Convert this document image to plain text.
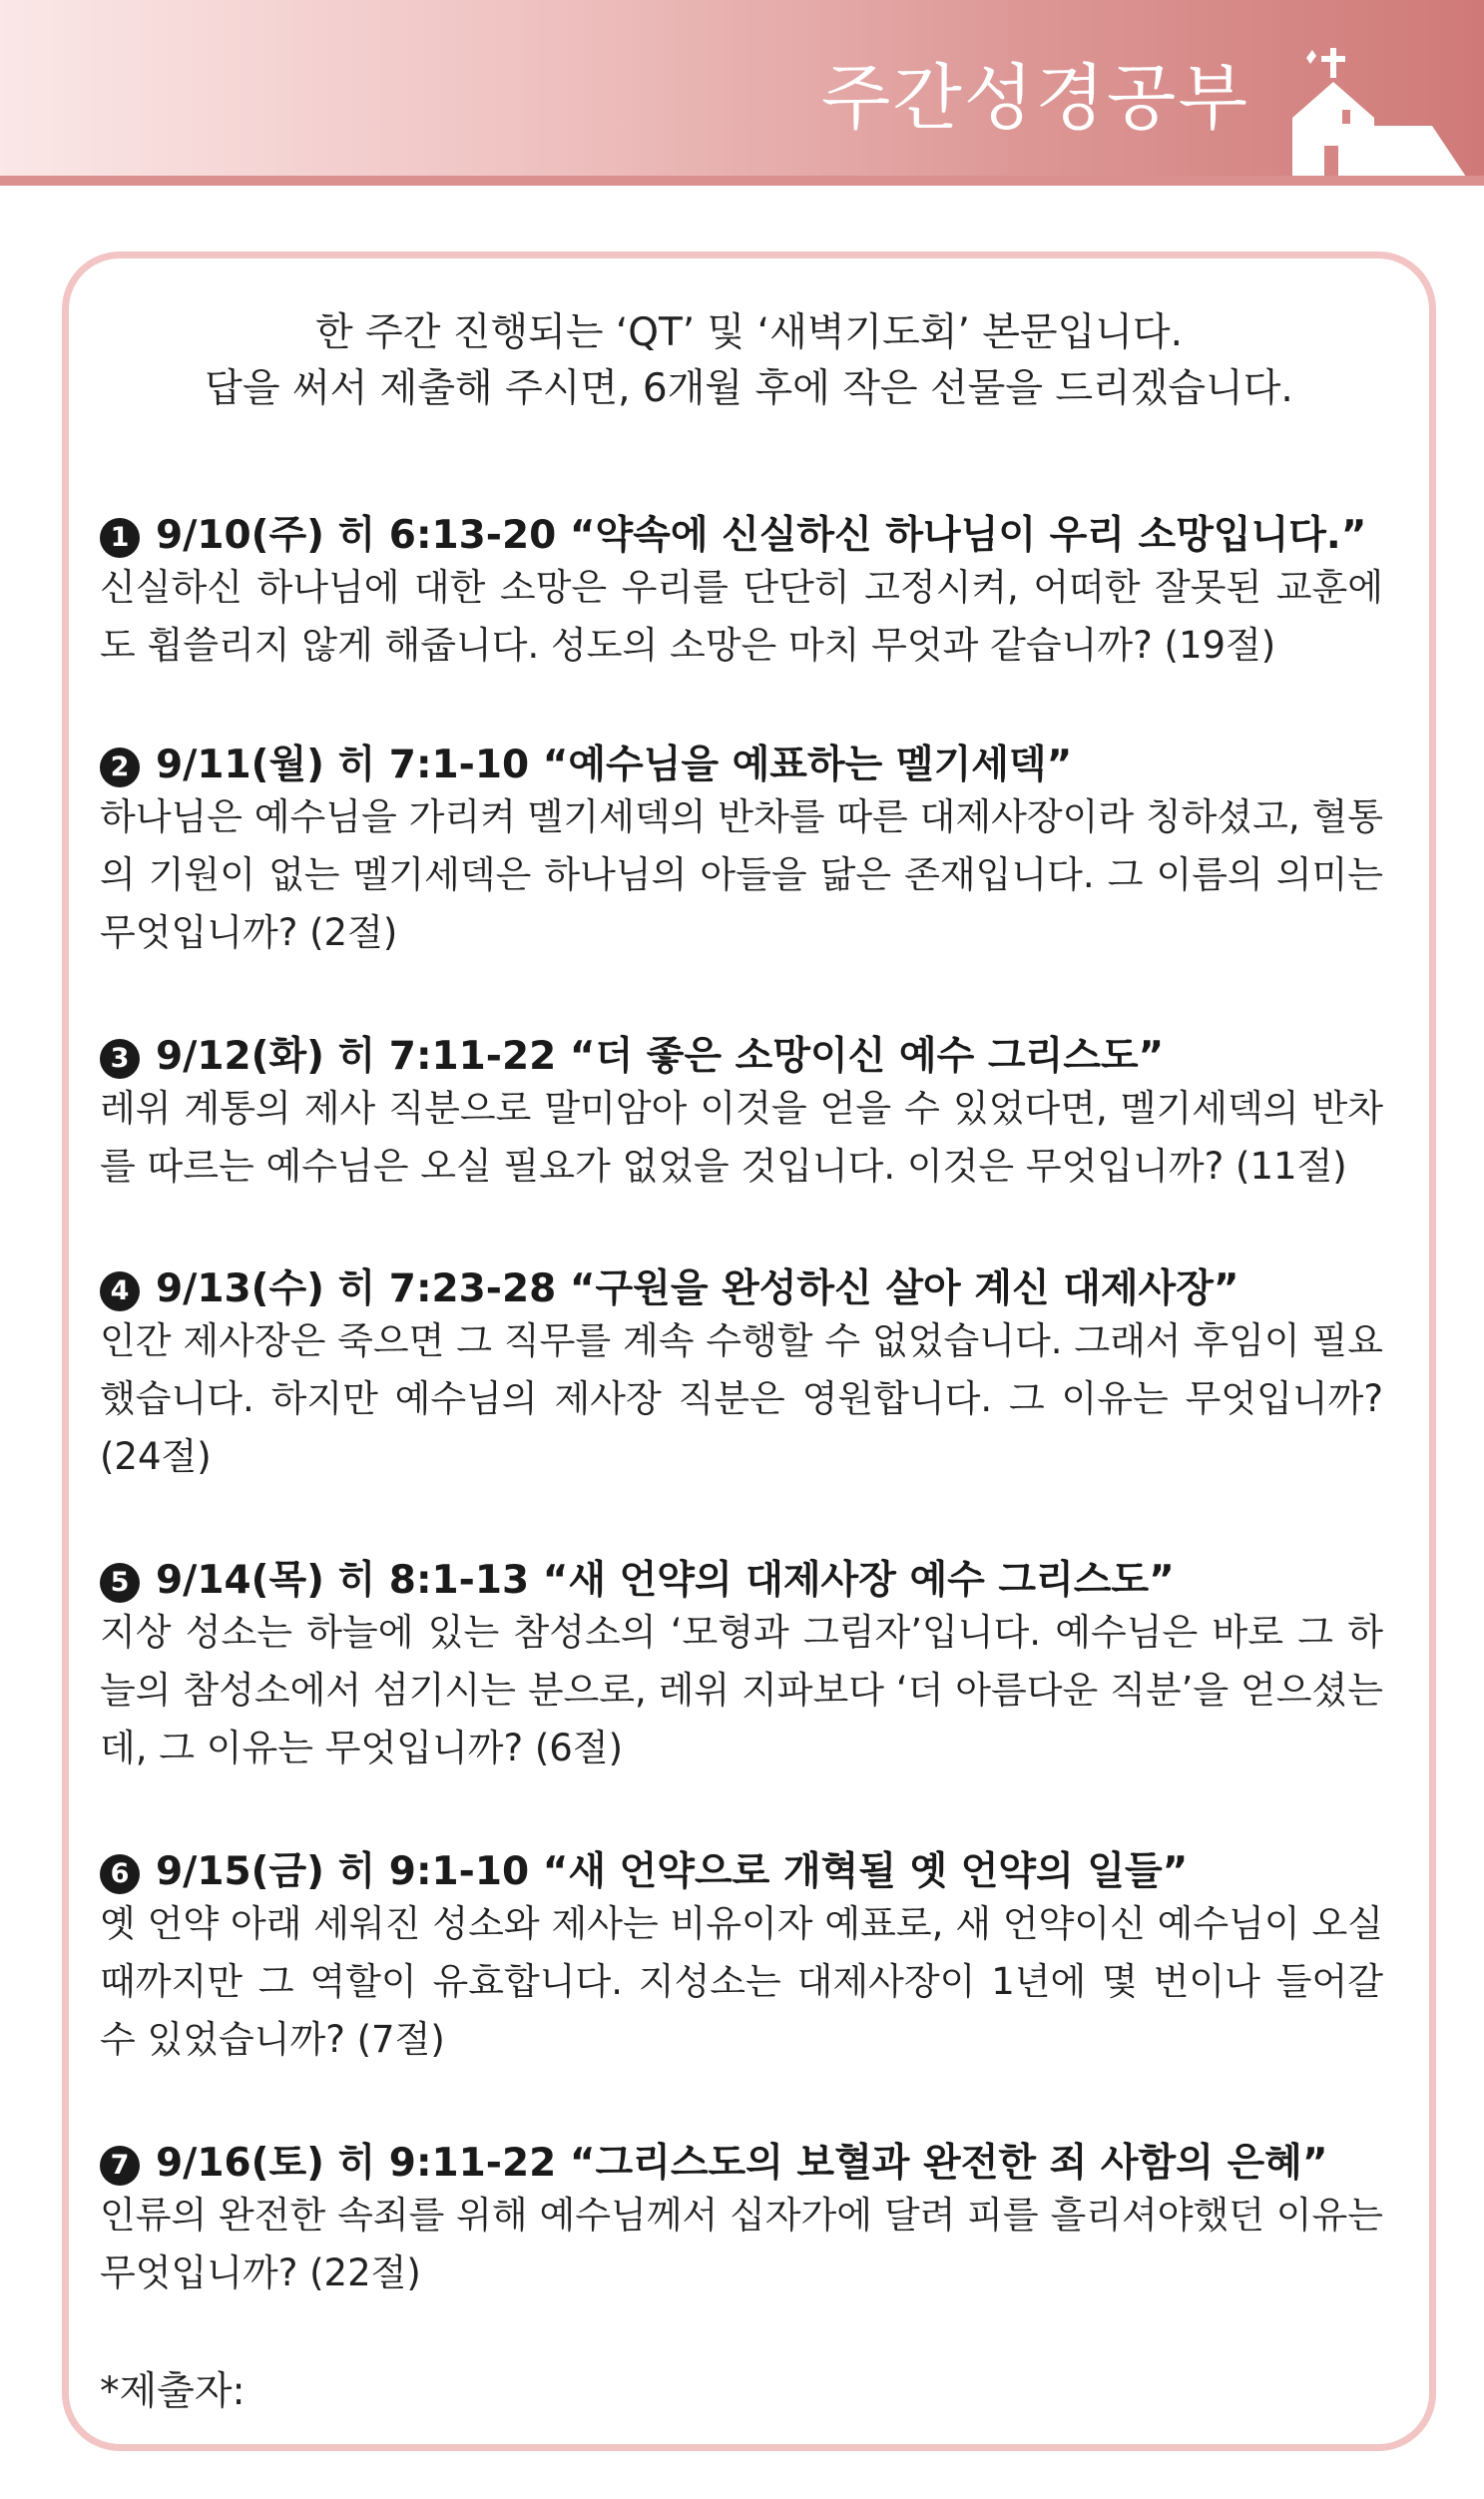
주간성경공부
한 주간 진행되는 ‘QT’ 및 ‘새벽기도회’ 본문입니다.
답을 써서 제출해 주시면, 6개월 후에 작은 선물을 드리겠습니다.
1 9/10(주) 히 6:13-20 “약속에 신실하신 하나님이 우리 소망입니다.”
신실하신 하나님에 대한 소망은 우리를 단단히 고정시켜, 어떠한 잘못된 교훈에도 휩쓸리지 않게 해줍니다. 성도의 소망은 마치 무엇과 같습니까? (19절)
2 9/11(월) 히 7:1-10 “예수님을 예표하는 멜기세덱”
하나님은 예수님을 가리켜 멜기세덱의 반차를 따른 대제사장이라 칭하셨고, 혈통의 기원이 없는 멜기세덱은 하나님의 아들을 닮은 존재입니다. 그 이름의 의미는 무엇입니까? (2절)
3 9/12(화) 히 7:11-22 “더 좋은 소망이신 예수 그리스도”
레위 계통의 제사 직분으로 말미암아 이것을 얻을 수 있었다면, 멜기세덱의 반차를 따르는 예수님은 오실 필요가 없었을 것입니다. 이것은 무엇입니까? (11절)
4 9/13(수) 히 7:23-28 “구원을 완성하신 살아 계신 대제사장”
인간 제사장은 죽으면 그 직무를 계속 수행할 수 없었습니다. 그래서 후임이 필요했습니다. 하지만 예수님의 제사장 직분은 영원합니다. 그 이유는 무엇입니까? (24절)
5 9/14(목) 히 8:1-13 “새 언약의 대제사장 예수 그리스도”
지상 성소는 하늘에 있는 참성소의 ‘모형과 그림자’입니다. 예수님은 바로 그 하늘의 참성소에서 섬기시는 분으로, 레위 지파보다 ‘더 아름다운 직분’을 얻으셨는데, 그 이유는 무엇입니까? (6절)
6 9/15(금) 히 9:1-10 “새 언약으로 개혁될 옛 언약의 일들”
옛 언약 아래 세워진 성소와 제사는 비유이자 예표로, 새 언약이신 예수님이 오실 때까지만 그 역할이 유효합니다. 지성소는 대제사장이 1년에 몇 번이나 들어갈 수 있었습니까? (7절)
7 9/16(토) 히 9:11-22 “그리스도의 보혈과 완전한 죄 사함의 은혜”
인류의 완전한 속죄를 위해 예수님께서 십자가에 달려 피를 흘리셔야했던 이유는 무엇입니까? (22절)
*제출자:
